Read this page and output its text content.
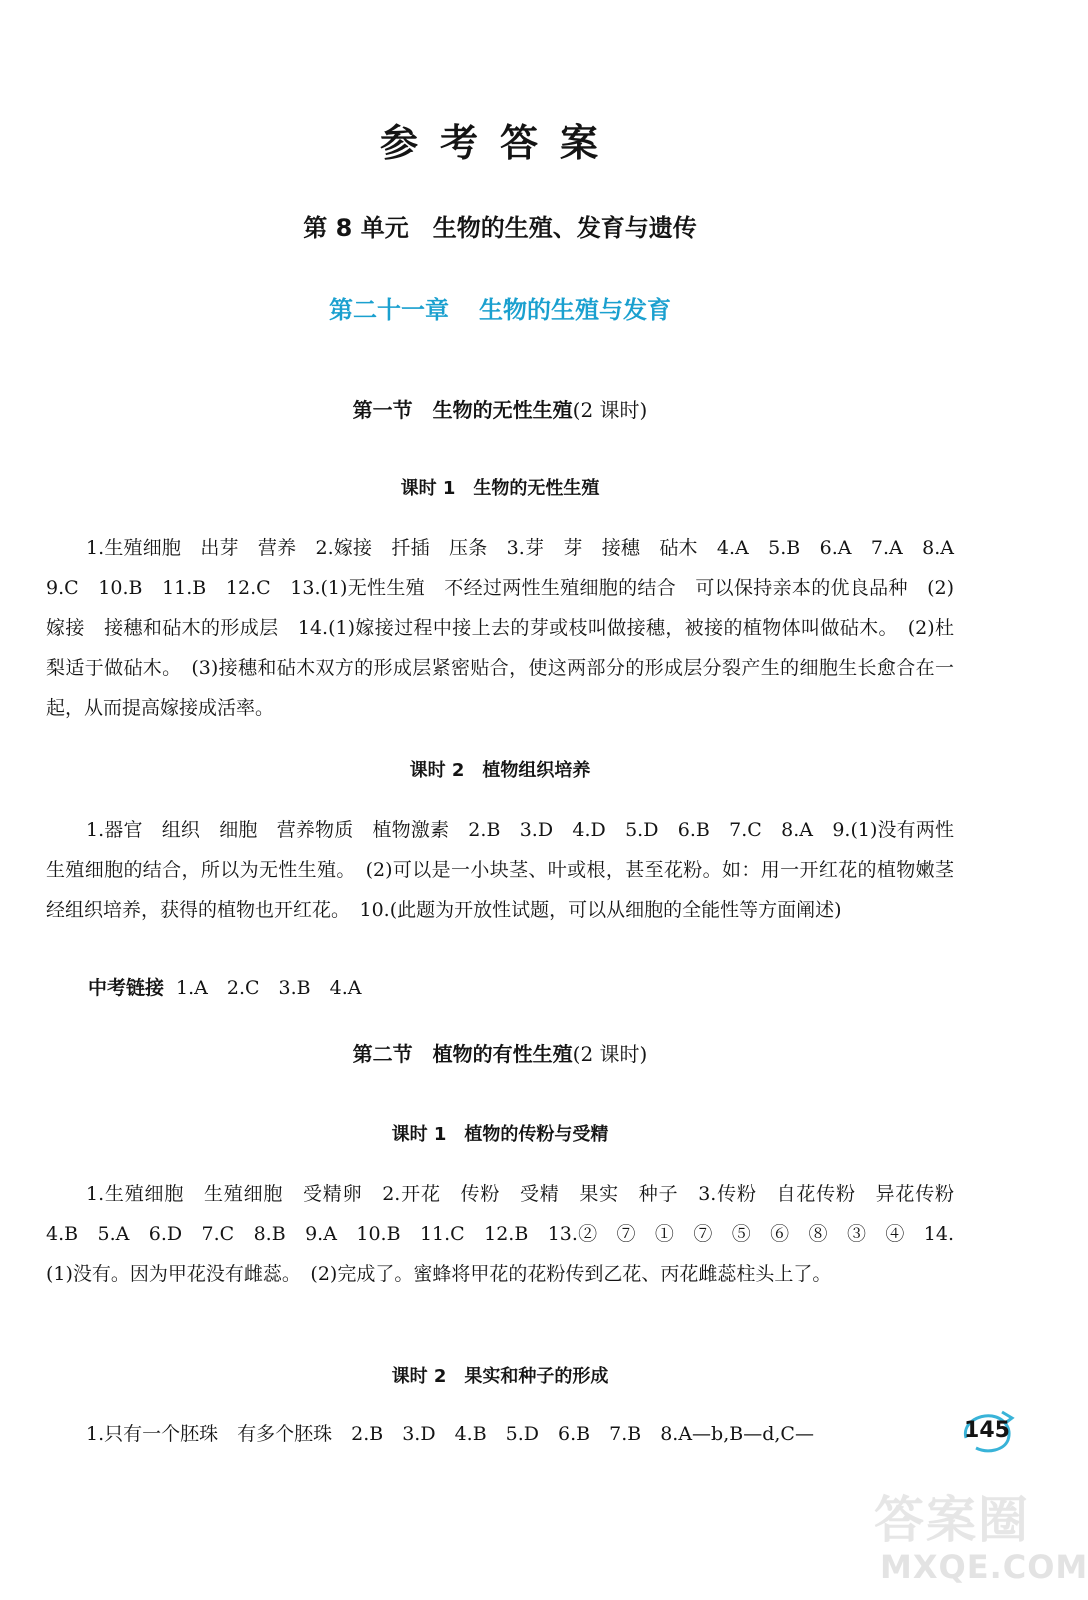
参考答案
第 8 单元　生物的生殖、发育与遗传
第二十一章 生物的生殖与发育
第一节　生物的无性生殖(2 课时)
课时 1　生物的无性生殖
1.生殖细胞　出芽　营养　2.嫁接　扦插　压条　3.芽　芽　接穗　砧木　4.A　5.B　6.A　7.A　8.A　9.C　10.B　11.B　12.C　13.(1)无性生殖　不经过两性生殖细胞的结合　可以保持亲本的优良品种　(2)嫁接　接穗和砧木的形成层　14.(1)嫁接过程中接上去的芽或枝叫做接穗，被接的植物体叫做砧木。　(2)杜梨适于做砧木。　(3)接穗和砧木双方的形成层紧密贴合，使这两部分的形成层分裂产生的细胞生长愈合在一起，从而提高嫁接成活率。
课时 2　植物组织培养
1.器官　组织　细胞　营养物质　植物激素　2.B　3.D　4.D　5.D　6.B　7.C　8.A　9.(1)没有两性生殖细胞的结合，所以为无性生殖。　(2)可以是一小块茎、叶或根，甚至花粉。如：用一开红花的植物嫩茎经组织培养，获得的植物也开红花。　10.(此题为开放性试题，可以从细胞的全能性等方面阐述)
中考链接 1.A　2.C　3.B　4.A
第二节　植物的有性生殖(2 课时)
课时 1　植物的传粉与受精
1.生殖细胞　生殖细胞　受精卵　2.开花　传粉　受精　果实　种子　3.传粉　自花传粉　异花传粉　4.B　5.A　6.D　7.C　8.B　9.A　10.B　11.C　12.B　13.②　⑦　①　⑦　⑤　⑥　⑧　③　④　14.(1)没有。因为甲花没有雌蕊。　(2)完成了。蜜蜂将甲花的花粉传到乙花、丙花雌蕊柱头上了。
课时 2　果实和种子的形成
1.只有一个胚珠　有多个胚珠　2.B　3.D　4.B　5.D　6.B　7.B　8.A—b,B—d,C—	145
答案圈
MXQE.COM
